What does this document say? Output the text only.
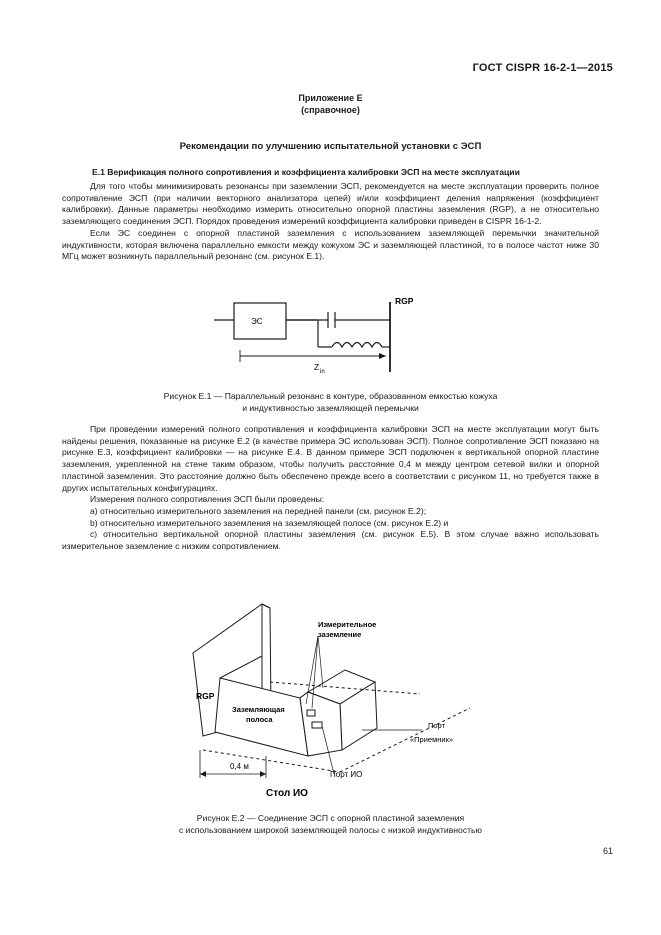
ГОСТ CISPR 16-2-1—2015
Приложение Е
(справочное)
Рекомендации по улучшению испытательной установки с ЭСП
Е.1 Верификация полного сопротивления и коэффициента калибровки ЭСП на месте эксплуатации

Для того чтобы минимизировать резонансы при заземлении ЭСП, рекомендуется на месте эксплуатации проверить полное сопротивление ЭСП (при наличии векторного анализатора цепей) и/или коэффициент деления напряжения (коэффициент калибровки). Данные параметры необходимо измерить относительно опорной пластины заземления (RGP), а не относительно заземляющего соединения ЭСП. Порядок проведения измерений коэффициента калибровки приведен в CISPR 16-1-2.

Если ЭС соединен с опорной пластиной заземления с использованием заземляющей перемычки значительной индуктивности, которая включена параллельно емкости между кожухом ЭС и заземляющей пластиной, то в полосе частот ниже 30 МГц может возникнуть параллельный резонанс (см. рисунок Е.1).

RGP
ЭС
Z in
Рисунок Е.1 — Параллельный резонанс в контуре, образованном емкостью кожуха
и индуктивностью заземляющей перемычки

При проведении измерений полного сопротивления и коэффициента калибровки ЭСП на месте эксплуатации могут быть найдены решения, показанные на рисунке Е.2 (в качестве примера ЭС использован ЭСП). Полное сопротивление ЭСП показано на рисунке Е.3, коэффициент калибровки — на рисунке Е.4. В данном примере ЭСП подключен к вертикальной опорной пластине заземления, укрепленной на стене таким образом, чтобы получить расстояние 0,4 м между центром сетевой вилки и опорной пластиной заземления. Это расстояние должно быть обеспечено прежде всего в соответствии с рисунком 11, но требуется также в других испытательных конфигурациях.

Измерения полного сопротивления ЭСП были проведены:

a) относительно измерительного заземления на передней панели (см. рисунок Е.2);

b) относительно измерительного заземления на заземляющей полосе (см. рисунок Е.2) и

c) относительно вертикальной опорной пластины заземления (см. рисунок Е.5). В этом случае важно использовать измерительное заземление с низким сопротивлением.

Измерительное
заземление
RGP
Заземляющая
полоса
Порт
«Приемник»
0,4 м
Порт ИО
Стол ИО
Рисунок Е.2 — Соединение ЭСП с опорной пластиной заземления
с использованием широкой заземляющей полосы с низкой индуктивностью
61
